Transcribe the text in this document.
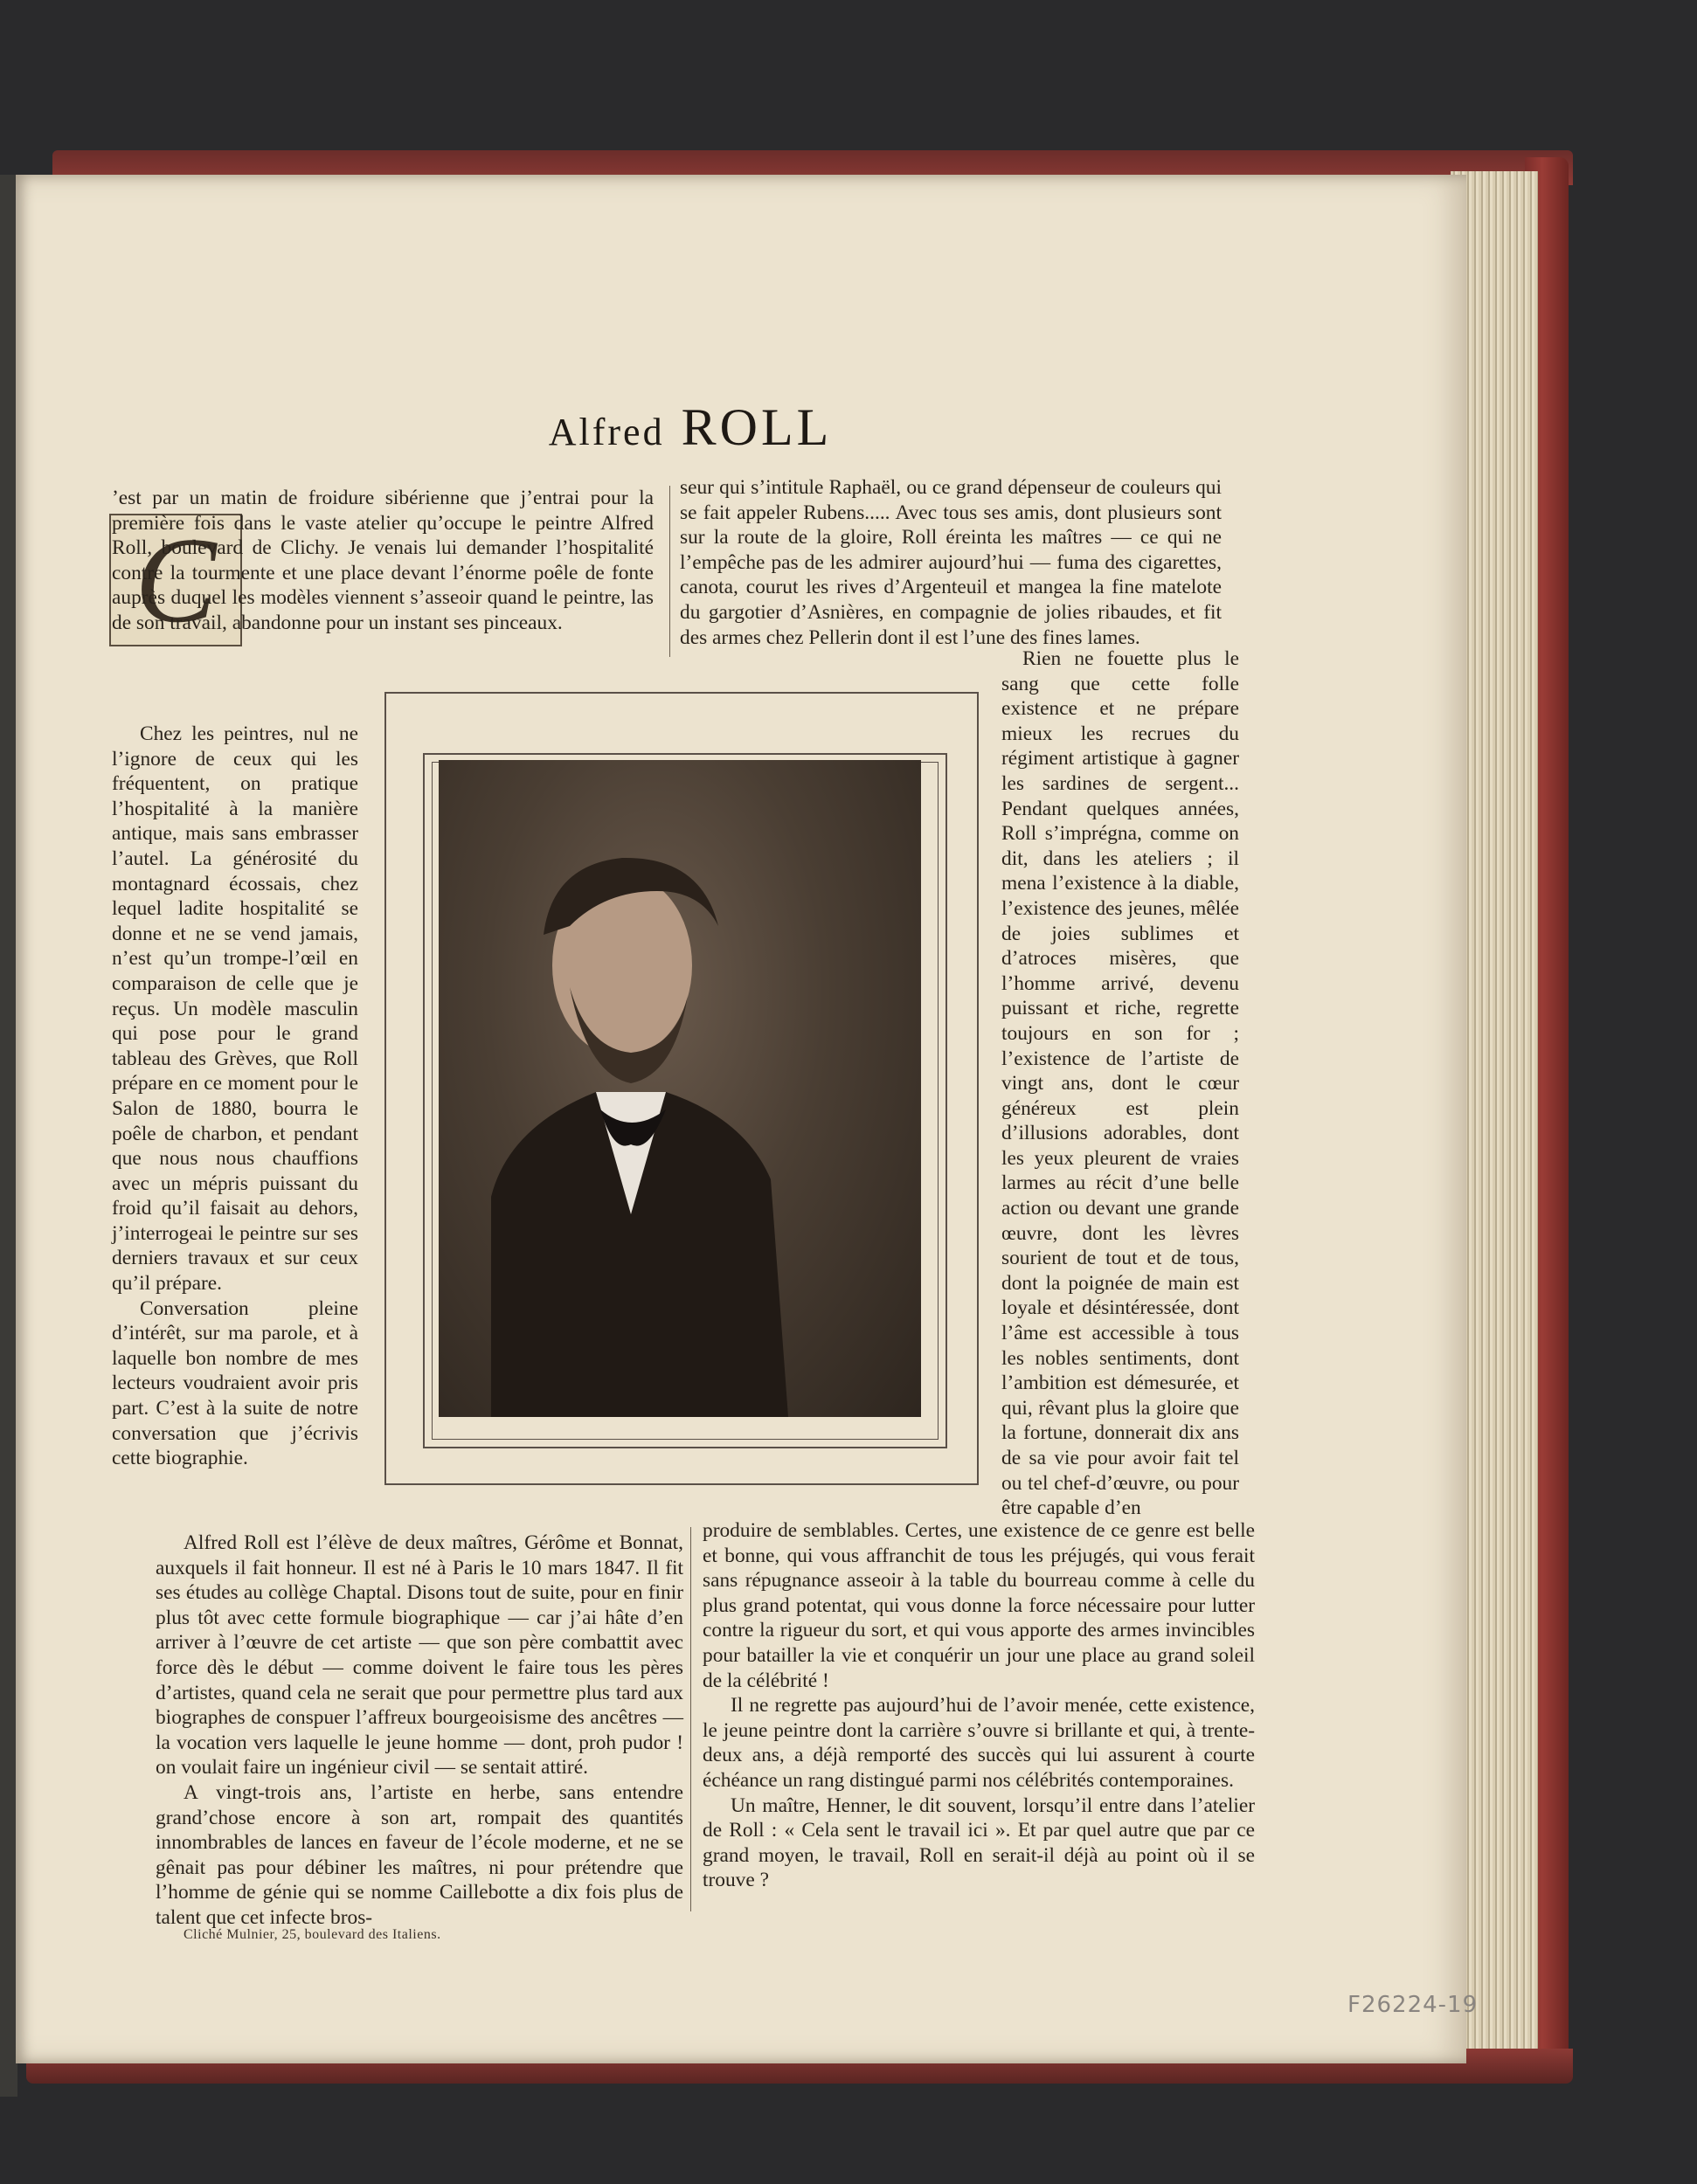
Alfred ROLL
C

’est par un matin de froidure sibérienne que j’entrai pour la première fois dans le vaste atelier qu’occupe le peintre Alfred Roll, boulevard de Clichy. Je venais lui demander l’hospitalité contre la tourmente et une place devant l’énorme poêle de fonte auprès duquel les modèles viennent s’asseoir quand le peintre, las de son travail, abandonne pour un instant ses pinceaux.

seur qui s’intitule Raphaël, ou ce grand dépenseur de couleurs qui se fait appeler Rubens..... Avec tous ses amis, dont plusieurs sont sur la route de la gloire, Roll éreinta les maîtres — ce qui ne l’empêche pas de les admirer aujourd’hui — fuma des cigarettes, canota, courut les rives d’Argenteuil et mangea la fine matelote du gargotier d’Asnières, en compagnie de jolies ribaudes, et fit des armes chez Pellerin dont il est l’une des fines lames.

Chez les peintres, nul ne l’ignore de ceux qui les fréquentent, on pratique l’hospitalité à la manière antique, mais sans embrasser l’autel. La générosité du montagnard écossais, chez lequel ladite hospitalité se donne et ne se vend jamais, n’est qu’un trompe-l’œil en comparaison de celle que je reçus. Un modèle masculin qui pose pour le grand tableau des Grèves, que Roll prépare en ce moment pour le Salon de 1880, bourra le poêle de charbon, et pendant que nous nous chauffions avec un mépris puissant du froid qu’il faisait au dehors, j’interrogeai le peintre sur ses derniers travaux et sur ceux qu’il prépare.

Conversation pleine d’intérêt, sur ma parole, et à laquelle bon nombre de mes lecteurs voudraient avoir pris part. C’est à la suite de notre conversation que j’écrivis cette biographie.

Rien ne fouette plus le sang que cette folle existence et ne prépare mieux les recrues du régiment artistique à gagner les sardines de sergent... Pendant quelques années, Roll s’imprégna, comme on dit, dans les ateliers ; il mena l’existence à la diable, l’existence des jeunes, mêlée de joies sublimes et d’atroces misères, que l’homme arrivé, devenu puissant et riche, regrette toujours en son for ; l’existence de l’artiste de vingt ans, dont le cœur généreux est plein d’illusions adorables, dont les yeux pleurent de vraies larmes au récit d’une belle action ou devant une grande œuvre, dont les lèvres sourient de tout et de tous, dont la poignée de main est loyale et désintéressée, dont l’âme est accessible à tous les nobles sentiments, dont l’ambition est démesurée, et qui, rêvant plus la gloire que la fortune, donnerait dix ans de sa vie pour avoir fait tel ou tel chef-d’œuvre, ou pour être capable d’en

Alfred Roll est l’élève de deux maîtres, Gérôme et Bonnat, auxquels il fait honneur. Il est né à Paris le 10 mars 1847. Il fit ses études au collège Chaptal. Disons tout de suite, pour en finir plus tôt avec cette formule biographique — car j’ai hâte d’en arriver à l’œuvre de cet artiste — que son père combattit avec force dès le début — comme doivent le faire tous les pères d’artistes, quand cela ne serait que pour permettre plus tard aux biographes de conspuer l’affreux bourgeoisisme des ancêtres — la vocation vers laquelle le jeune homme — dont, proh pudor ! on voulait faire un ingénieur civil — se sentait attiré.

A vingt-trois ans, l’artiste en herbe, sans entendre grand’chose encore à son art, rompait des quantités innombrables de lances en faveur de l’école moderne, et ne se gênait pas pour débiner les maîtres, ni pour prétendre que l’homme de génie qui se nomme Caillebotte a dix fois plus de talent que cet infecte bros-

produire de semblables. Certes, une existence de ce genre est belle et bonne, qui vous affranchit de tous les préjugés, qui vous ferait sans répugnance asseoir à la table du bourreau comme à celle du plus grand potentat, qui vous donne la force nécessaire pour lutter contre la rigueur du sort, et qui vous apporte des armes invincibles pour batailler la vie et conquérir un jour une place au grand soleil de la célébrité !

Il ne regrette pas aujourd’hui de l’avoir menée, cette existence, le jeune peintre dont la carrière s’ouvre si brillante et qui, à trente-deux ans, a déjà remporté des succès qui lui assurent à courte échéance un rang distingué parmi nos célébrités contemporaines.

Un maître, Henner, le dit souvent, lorsqu’il entre dans l’atelier de Roll : « Cela sent le travail ici ». Et par quel autre que par ce grand moyen, le travail, Roll en serait-il déjà au point où il se trouve ?

Cliché Mulnier, 25, boulevard des Italiens.
F26224-19
